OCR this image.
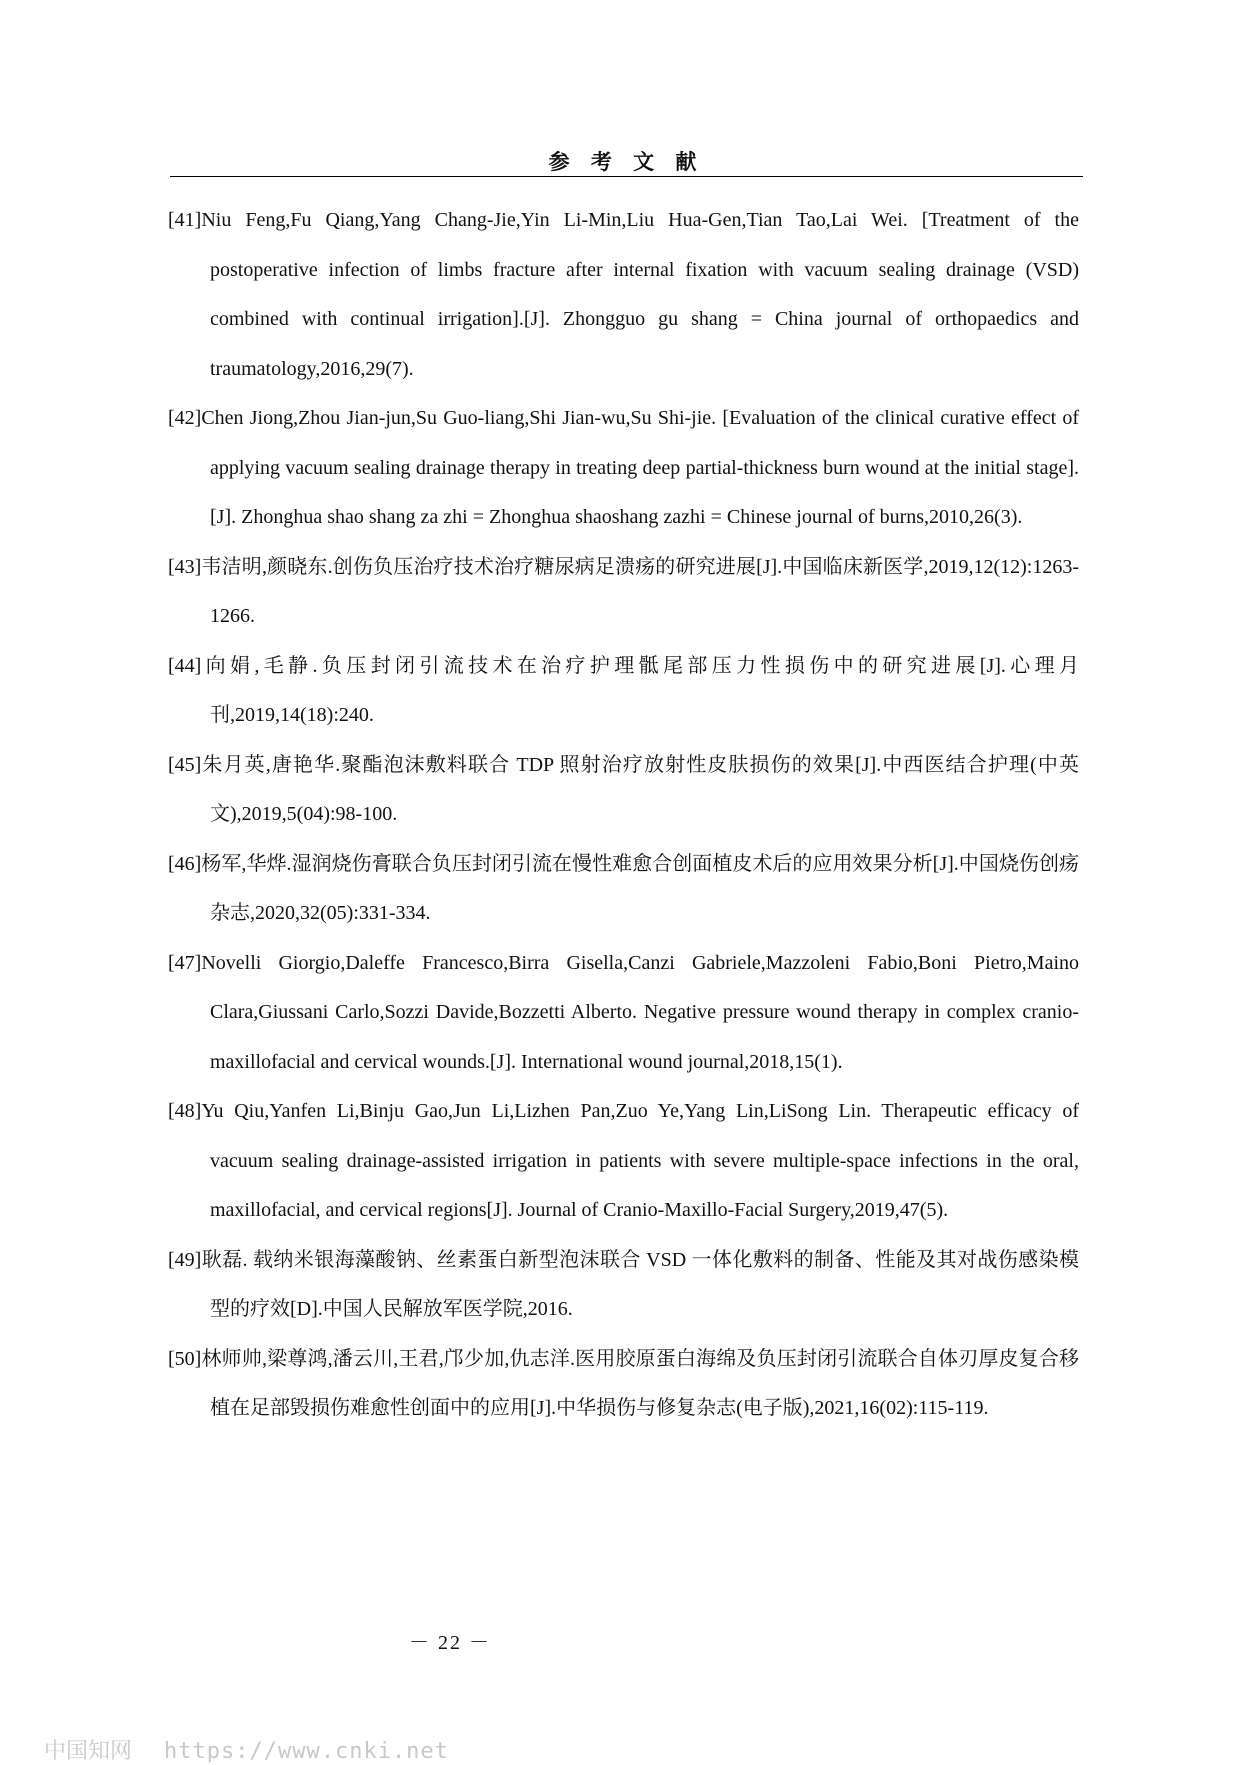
参 考 文 献

[41]Niu Feng,Fu Qiang,Yang Chang-Jie,Yin Li-Min,Liu Hua-Gen,Tian Tao,Lai Wei. [Treatment of the postoperative infection of limbs fracture after internal fixation with vacuum sealing drainage (VSD) combined with continual irrigation].[J]. Zhongguo gu shang = China journal of orthopaedics and traumatology,2016,29(7).

[42]Chen Jiong,Zhou Jian-jun,Su Guo-liang,Shi Jian-wu,Su Shi-jie. [Evaluation of the clinical curative effect of applying vacuum sealing drainage therapy in treating deep partial-thickness burn wound at the initial stage].[J]. Zhonghua shao shang za zhi = Zhonghua shaoshang zazhi = Chinese journal of burns,2010,26(3).

[43]韦洁明,颜晓东.创伤负压治疗技术治疗糖尿病足溃疡的研究进展[J].中国临床新医学,2019,12(12):1263-1266.

[44]向娟,毛静.负压封闭引流技术在治疗护理骶尾部压力性损伤中的研究进展[J].心理月刊,2019,14(18):240.

[45]朱月英,唐艳华.聚酯泡沫敷料联合 TDP 照射治疗放射性皮肤损伤的效果[J].中西医结合护理(中英文),2019,5(04):98-100.

[46]杨军,华烨.湿润烧伤膏联合负压封闭引流在慢性难愈合创面植皮术后的应用效果分析[J].中国烧伤创疡杂志,2020,32(05):331-334.

[47]Novelli Giorgio,Daleffe Francesco,Birra Gisella,Canzi Gabriele,Mazzoleni Fabio,Boni Pietro,Maino Clara,Giussani Carlo,Sozzi Davide,Bozzetti Alberto. Negative pressure wound therapy in complex cranio-maxillofacial and cervical wounds.[J]. International wound journal,2018,15(1).

[48]Yu Qiu,Yanfen Li,Binju Gao,Jun Li,Lizhen Pan,Zuo Ye,Yang Lin,LiSong Lin. Therapeutic efficacy of vacuum sealing drainage-assisted irrigation in patients with severe multiple-space infections in the oral, maxillofacial, and cervical regions[J]. Journal of Cranio-Maxillo-Facial Surgery,2019,47(5).

[49]耿磊. 载纳米银海藻酸钠、丝素蛋白新型泡沫联合 VSD 一体化敷料的制备、性能及其对战伤感染模型的疗效[D].中国人民解放军医学院,2016.

[50]林师帅,梁尊鸿,潘云川,王君,邝少加,仇志洋.医用胶原蛋白海绵及负压封闭引流联合自体刃厚皮复合移植在足部毁损伤难愈性创面中的应用[J].中华损伤与修复杂志(电子版),2021,16(02):115-119.

－ 22 －
中国知网 https://www.cnki.net
